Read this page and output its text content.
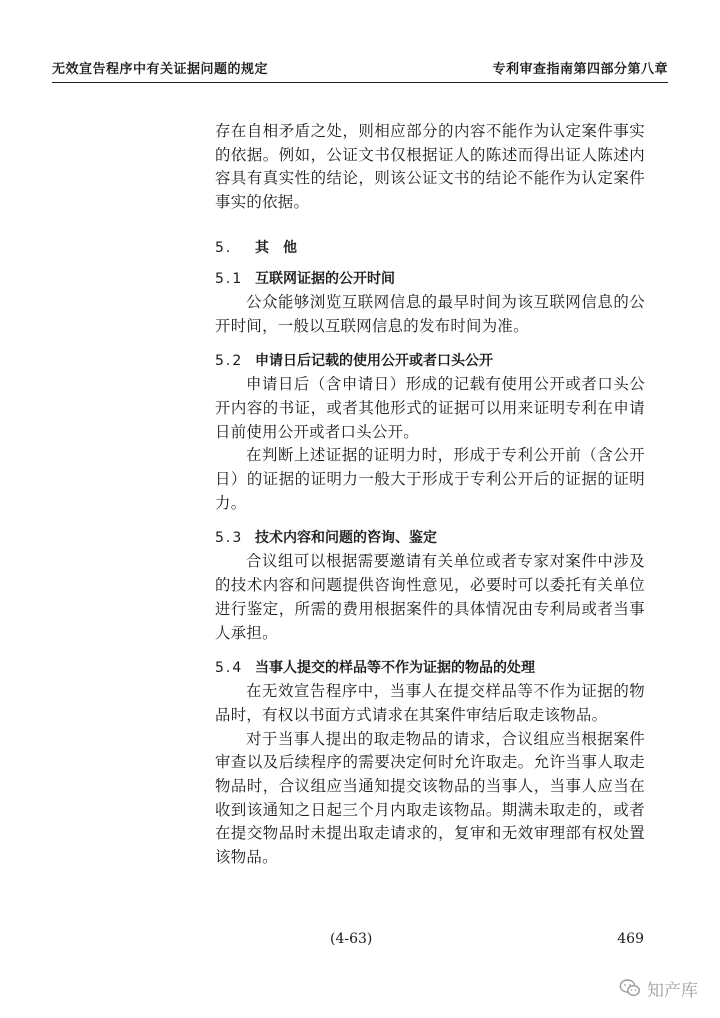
无效宣告程序中有关证据问题的规定	专利审查指南第四部分第八章

存在自相矛盾之处，则相应部分的内容不能作为认定案件事实的依据。例如，公证文书仅根据证人的陈述而得出证人陈述内容具有真实性的结论，则该公证文书的结论不能作为认定案件事实的依据。

5. 其他
5.1 互联网证据的公开时间

公众能够浏览互联网信息的最早时间为该互联网信息的公开时间，一般以互联网信息的发布时间为准。

5.2 申请日后记载的使用公开或者口头公开

申请日后（含申请日）形成的记载有使用公开或者口头公开内容的书证，或者其他形式的证据可以用来证明专利在申请日前使用公开或者口头公开。

在判断上述证据的证明力时，形成于专利公开前（含公开日）的证据的证明力一般大于形成于专利公开后的证据的证明力。

5.3 技术内容和问题的咨询、鉴定

合议组可以根据需要邀请有关单位或者专家对案件中涉及的技术内容和问题提供咨询性意见，必要时可以委托有关单位进行鉴定，所需的费用根据案件的具体情况由专利局或者当事人承担。

5.4 当事人提交的样品等不作为证据的物品的处理

在无效宣告程序中，当事人在提交样品等不作为证据的物品时，有权以书面方式请求在其案件审结后取走该物品。

对于当事人提出的取走物品的请求，合议组应当根据案件审查以及后续程序的需要决定何时允许取走。允许当事人取走物品时，合议组应当通知提交该物品的当事人，当事人应当在收到该通知之日起三个月内取走该物品。期满未取走的，或者在提交物品时未提出取走请求的，复审和无效审理部有权处置该物品。

(4-63)	469
知产库
